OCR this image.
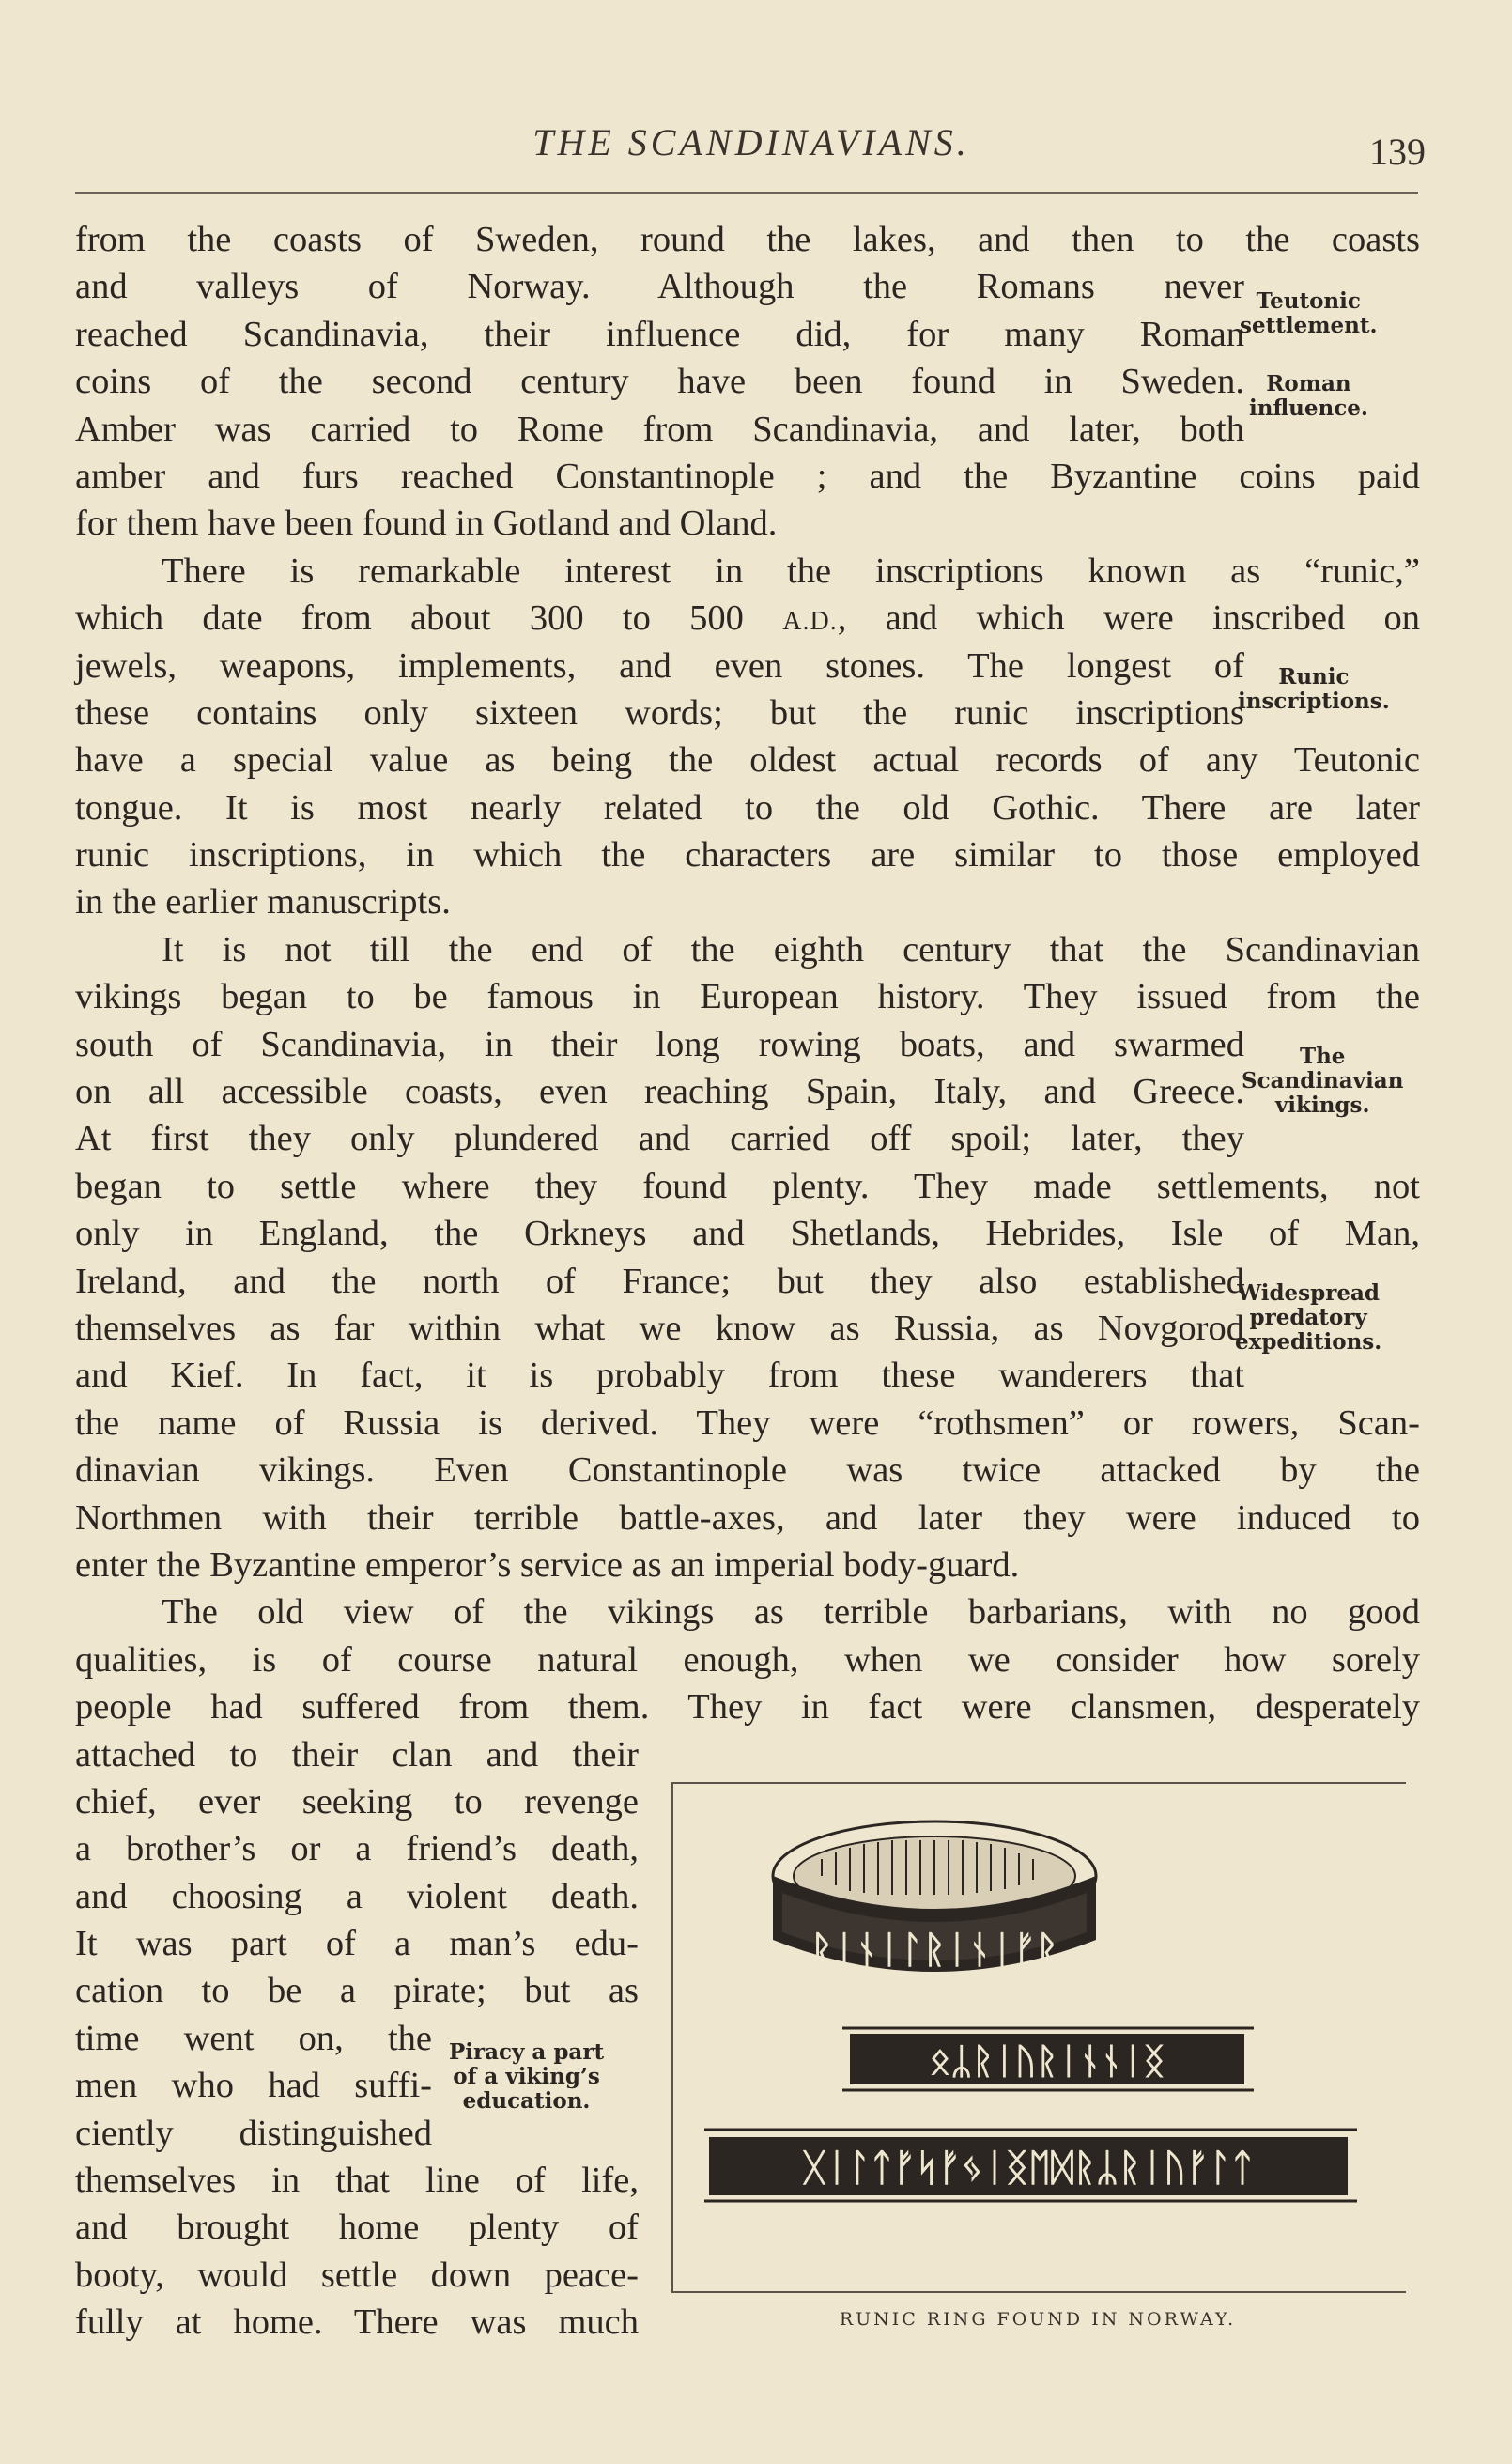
THE SCANDINAVIANS.	139
from the coasts of Sweden, round the lakes, and then to the coasts
and valleys of Norway. Although the Romans never
reached Scandinavia, their influence did, for many Roman
coins of the second century have been found in Sweden.
Amber was carried to Rome from Scandinavia, and later, both
amber and furs reached Constantinople ; and the Byzantine coins paid
for them have been found in Gotland and Oland.
There is remarkable interest in the inscriptions known as “runic,”
which date from about 300 to 500 A.D., and which were inscribed on
jewels, weapons, implements, and even stones. The longest of
these contains only sixteen words; but the runic inscriptions
have a special value as being the oldest actual records of any Teutonic
tongue. It is most nearly related to the old Gothic. There are later
runic inscriptions, in which the characters are similar to those employed
in the earlier manuscripts.
It is not till the end of the eighth century that the Scandinavian
vikings began to be famous in European history. They issued from the
south of Scandinavia, in their long rowing boats, and swarmed
on all accessible coasts, even reaching Spain, Italy, and Greece.
At first they only plundered and carried off spoil; later, they
began to settle where they found plenty. They made settlements, not
only in England, the Orkneys and Shetlands, Hebrides, Isle of Man,
Ireland, and the north of France; but they also established
themselves as far within what we know as Russia, as Novgorod
and Kief. In fact, it is probably from these wanderers that
the name of Russia is derived. They were “rothsmen” or rowers, Scan-
dinavian vikings. Even Constantinople was twice attacked by the
Northmen with their terrible battle-axes, and later they were induced to
enter the Byzantine emperor’s service as an imperial body-guard.
The old view of the vikings as terrible barbarians, with no good
qualities, is of course natural enough, when we consider how sorely
people had suffered from them. They in fact were clansmen, desperately
attached to their clan and their
chief, ever seeking to revenge
a brother’s or a friend’s death,
and choosing a violent death.
It was part of a man’s edu-
cation to be a pirate; but as
time went on, the
men who had suffi-
ciently distinguished
themselves in that line of life,
and brought home plenty of
booty, would settle down peace-
fully at home. There was much
Teutonic
settlement.
Roman
influence.
Runic
inscriptions.
The
Scandinavian
vikings.
Widespread
predatory
expeditions.
Piracy a part
of a viking’s
education.
ᚱᛁᚾᛁᛚᚱᛁᚾᛁᚠᚱ
ᛟᛦᚱᛁᚢᚱᛁᚾᚾᛁᛝ
ᚷᛁᛚᛏᚠᛋᚠᛃᛁᛝᛖᛞᚱᛦᚱᛁᚢᚠᛚᛏ
RUNIC RING FOUND IN NORWAY.
